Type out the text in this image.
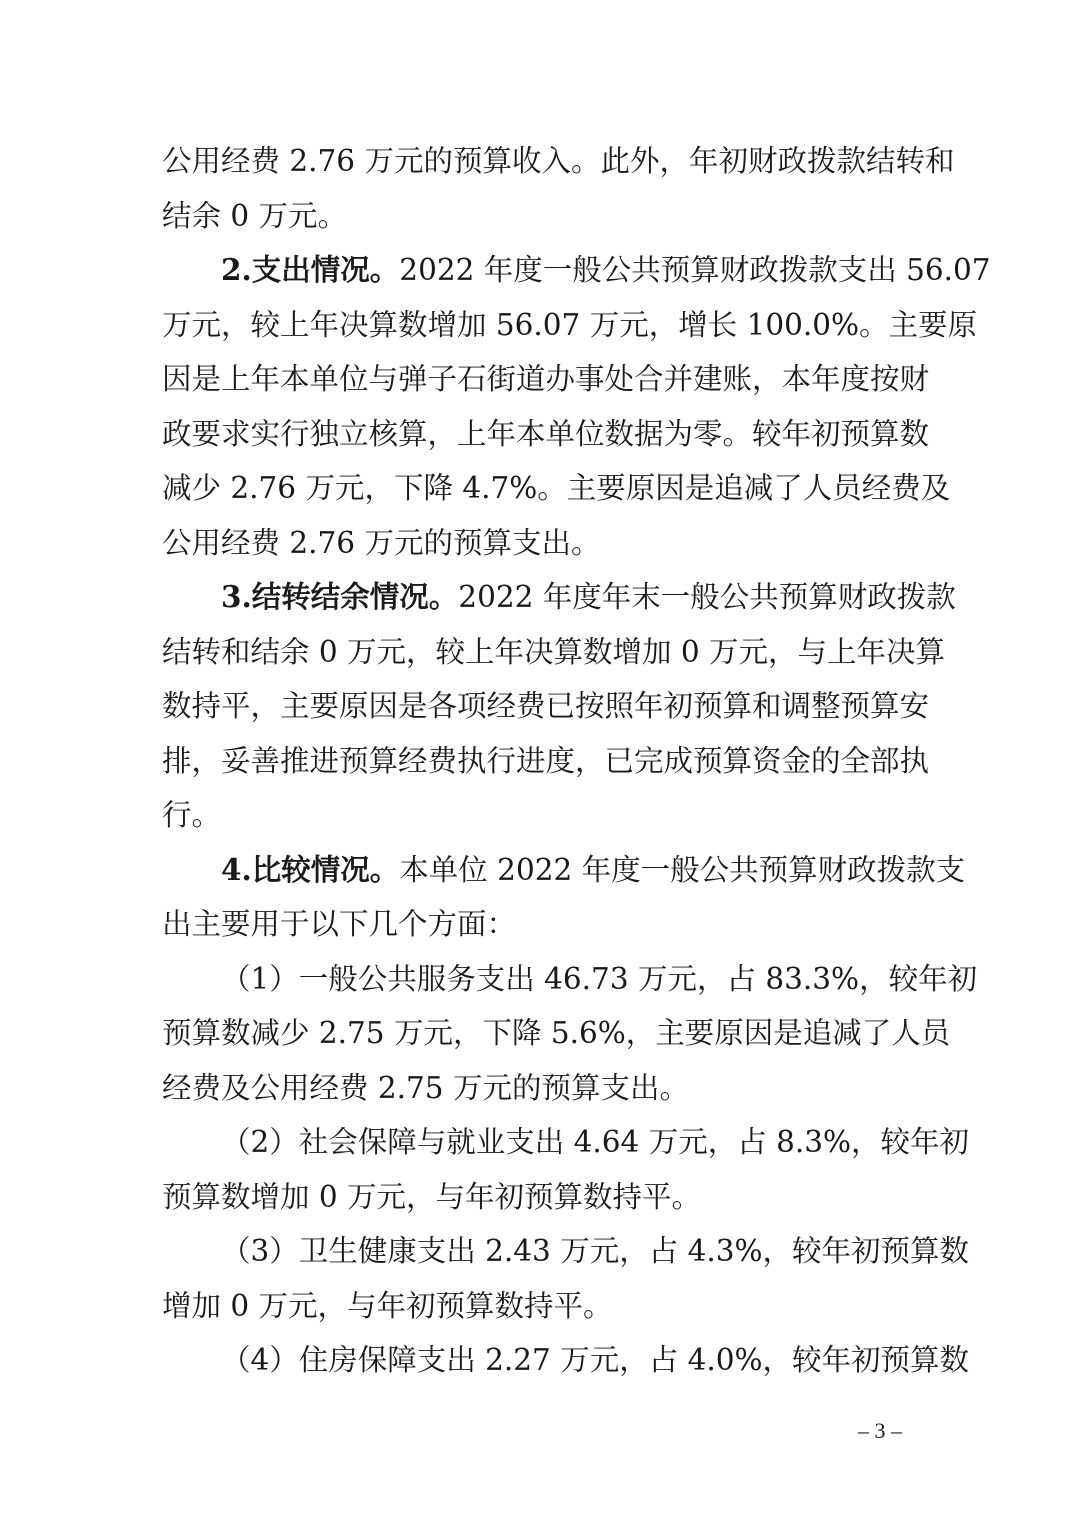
公用经费 2.76 万元的预算收入。此外，年初财政拨款结转和
结余 0 万元。
2.支出情况。2022 年度一般公共预算财政拨款支出 56.07
万元，较上年决算数增加 56.07 万元，增长 100.0%。主要原
因是上年本单位与弹子石街道办事处合并建账，本年度按财
政要求实行独立核算，上年本单位数据为零。较年初预算数
减少 2.76 万元，下降 4.7%。主要原因是追减了人员经费及
公用经费 2.76 万元的预算支出。
3.结转结余情况。2022 年度年末一般公共预算财政拨款
结转和结余 0 万元，较上年决算数增加 0 万元，与上年决算
数持平，主要原因是各项经费已按照年初预算和调整预算安
排，妥善推进预算经费执行进度，已完成预算资金的全部执
行。
4.比较情况。本单位 2022 年度一般公共预算财政拨款支
出主要用于以下几个方面：
（1）一般公共服务支出 46.73 万元，占 83.3%，较年初
预算数减少 2.75 万元，下降 5.6%，主要原因是追减了人员
经费及公用经费 2.75 万元的预算支出。
（2）社会保障与就业支出 4.64 万元，占 8.3%，较年初
预算数增加 0 万元，与年初预算数持平。
（3）卫生健康支出 2.43 万元，占 4.3%，较年初预算数
增加 0 万元，与年初预算数持平。
（4）住房保障支出 2.27 万元，占 4.0%，较年初预算数
– 3 –
